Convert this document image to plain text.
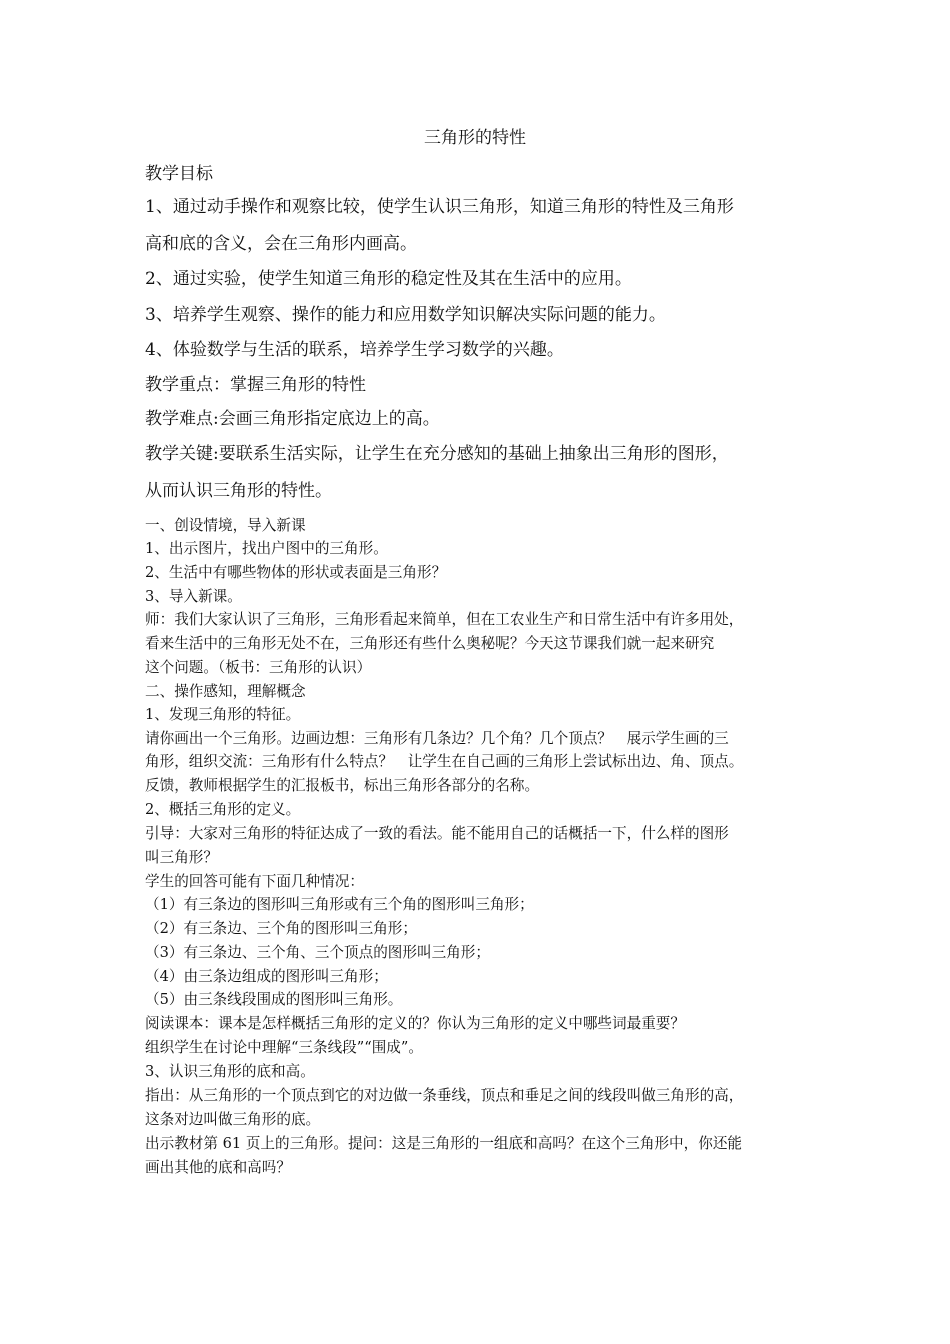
三角形的特性
教学目标
1、通过动手操作和观察比较，使学生认识三角形，知道三角形的特性及三角形
高和底的含义，会在三角形内画高。
2、通过实验，使学生知道三角形的稳定性及其在生活中的应用。
3、培养学生观察、操作的能力和应用数学知识解决实际问题的能力。
4、体验数学与生活的联系，培养学生学习数学的兴趣。
教学重点：掌握三角形的特性
教学难点:会画三角形指定底边上的高。
教学关键:要联系生活实际，让学生在充分感知的基础上抽象出三角形的图形，
从而认识三角形的特性。
一、创设情境，导入新课
1、出示图片，找出户图中的三角形。
2、生活中有哪些物体的形状或表面是三角形？
3、导入新课。
师：我们大家认识了三角形，三角形看起来简单，但在工农业生产和日常生活中有许多用处，
看来生活中的三角形无处不在，三角形还有些什么奥秘呢？今天这节课我们就一起来研究
这个问题。（板书：三角形的认识）
二、操作感知，理解概念
1、发现三角形的特征。
请你画出一个三角形。边画边想：三角形有几条边？几个角？几个顶点？　展示学生画的三
角形，组织交流：三角形有什么特点？　让学生在自己画的三角形上尝试标出边、角、顶点。
反馈，教师根据学生的汇报板书，标出三角形各部分的名称。
2、概括三角形的定义。
引导：大家对三角形的特征达成了一致的看法。能不能用自己的话概括一下，什么样的图形
叫三角形？
学生的回答可能有下面几种情况：
（1）有三条边的图形叫三角形或有三个角的图形叫三角形；
（2）有三条边、三个角的图形叫三角形；
（3）有三条边、三个角、三个顶点的图形叫三角形；
（4）由三条边组成的图形叫三角形；
（5）由三条线段围成的图形叫三角形。
阅读课本：课本是怎样概括三角形的定义的？你认为三角形的定义中哪些词最重要？
组织学生在讨论中理解“三条线段”“围成”。
3、认识三角形的底和高。
指出：从三角形的一个顶点到它的对边做一条垂线，顶点和垂足之间的线段叫做三角形的高，
这条对边叫做三角形的底。
出示教材第 61 页上的三角形。提问：这是三角形的一组底和高吗？在这个三角形中，你还能
画出其他的底和高吗？
